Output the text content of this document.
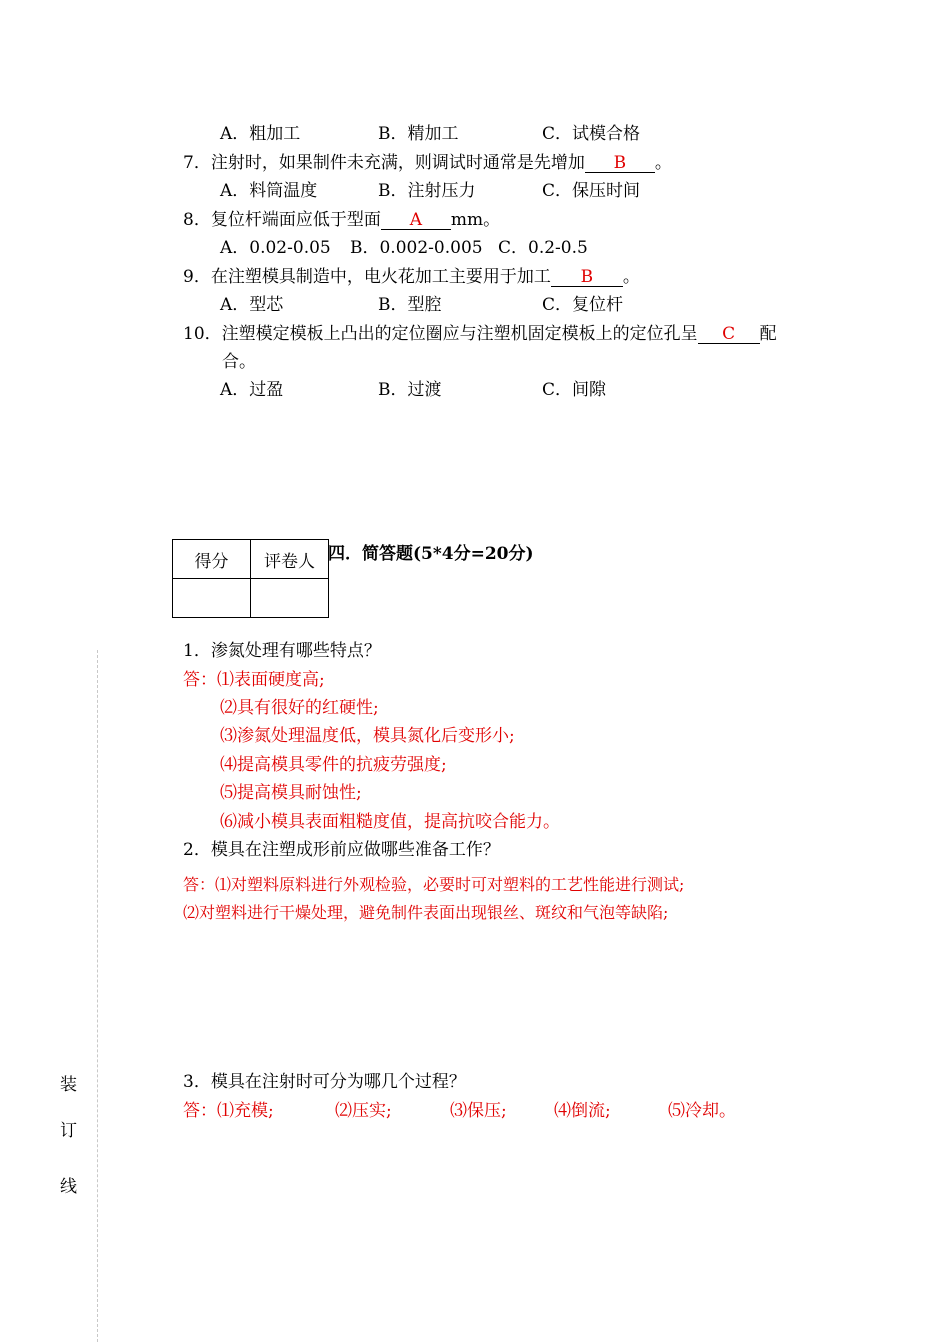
A．粗加工	B．精加工	C．试模合格
7．注射时，如果制件未充满，则调试时通常是先增加 B 。
A．料筒温度	B．注射压力	C．保压时间
8．复位杆端面应低于型面 A mm。
A．0.02-0.05 B．0.002-0.005 C．0.2-0.5
9．在注塑模具制造中，电火花加工主要用于加工 B 。
A．型芯	B．型腔	C．复位杆
10．注塑模定模板上凸出的定位圈应与注塑机固定模板上的定位孔呈 C 配
合。
A．过盈	B．过渡	C．间隙
得分	评卷人
	四．简答题(5*4分=20分)
1．渗氮处理有哪些特点？
答：⑴表面硬度高;
⑵具有很好的红硬性;
⑶渗氮处理温度低，模具氮化后变形小;
⑷提高模具零件的抗疲劳强度;
⑸提高模具耐蚀性;
⑹减小模具表面粗糙度值，提高抗咬合能力。
2．模具在注塑成形前应做哪些准备工作？
答：⑴对塑料原料进行外观检验，必要时可对塑料的工艺性能进行测试;
⑵对塑料进行干燥处理，避免制件表面出现银丝、斑纹和气泡等缺陷;
3．模具在注射时可分为哪几个过程？
答：⑴充模;	⑵压实;	⑶保压;	⑷倒流;	⑸冷却。
装
订
线
